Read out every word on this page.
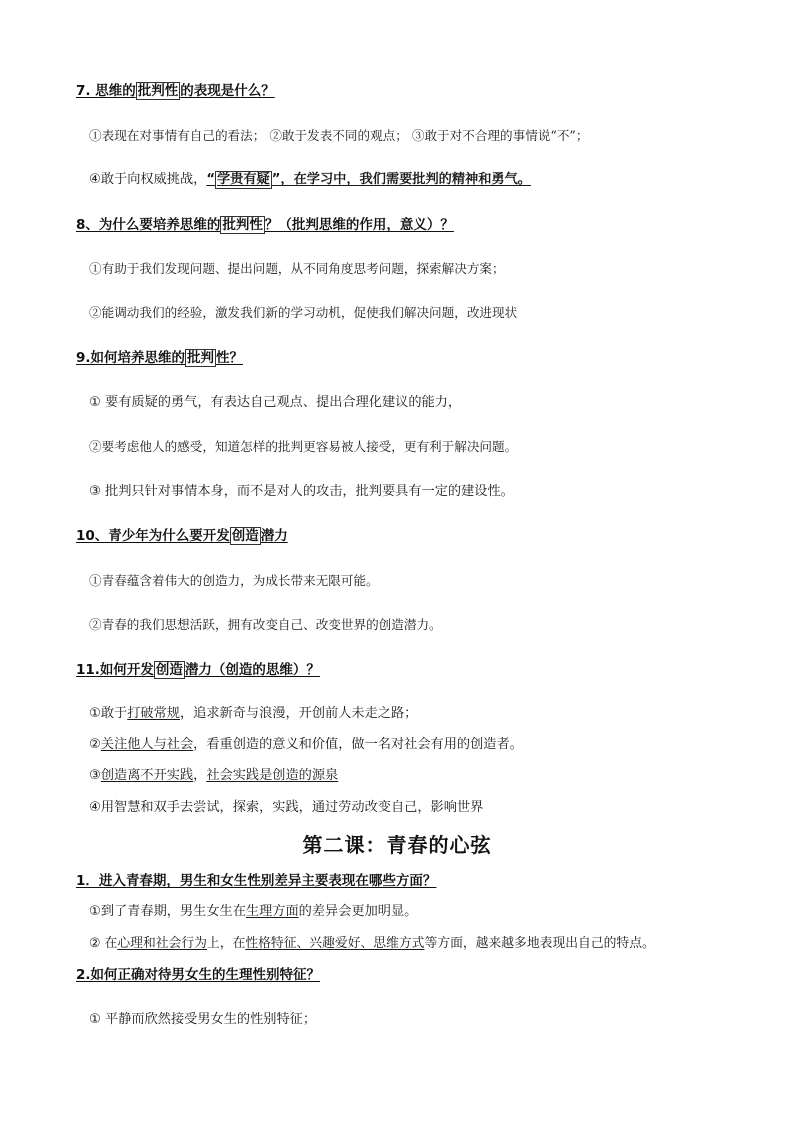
7. 思维的 批判性 的表现是什么？
①表现在对事情有自己的看法； ②敢于发表不同的观点； ③敢于对不合理的事情说“不”；
④敢于向权威挑战，“ 学贵有疑 ”，在学习中，我们需要批判的精神和勇气。
8、为什么要培养思维的 批判性 ？（批判思维的作用，意义）？
①有助于我们发现问题、提出问题，从不同角度思考问题，探索解决方案；
②能调动我们的经验，激发我们新的学习动机，促使我们解决问题，改进现状
9.如何培养思维的 批判 性？
① 要有质疑的勇气，有表达自己观点、提出合理化建议的能力，
②要考虑他人的感受，知道怎样的批判更容易被人接受，更有利于解决问题。
③ 批判只针对事情本身，而不是对人的攻击，批判要具有一定的建设性。
10、青少年为什么要开发 创造 潜力
①青春蕴含着伟大的创造力，为成长带来无限可能。
②青春的我们思想活跃，拥有改变自己、改变世界的创造潜力。
11.如何开发 创造 潜力（创造的思维）？
①敢于打破常规，追求新奇与浪漫，开创前人未走之路；
②关注他人与社会，看重创造的意义和价值，做一名对社会有用的创造者。
③创造离不开实践，社会实践是创造的源泉
④用智慧和双手去尝试，探索，实践，通过劳动改变自己，影响世界
第二课：青春的心弦
1．进入青春期，男生和女生性别差异主要表现在哪些方面？
①到了青春期，男生女生在生理方面的差异会更加明显。
② 在心理和社会行为上，在性格特征、兴趣爱好、思维方式等方面，越来越多地表现出自己的特点。
2.如何正确对待男女生的生理性别特征？
① 平静而欣然接受男女生的性别特征；
